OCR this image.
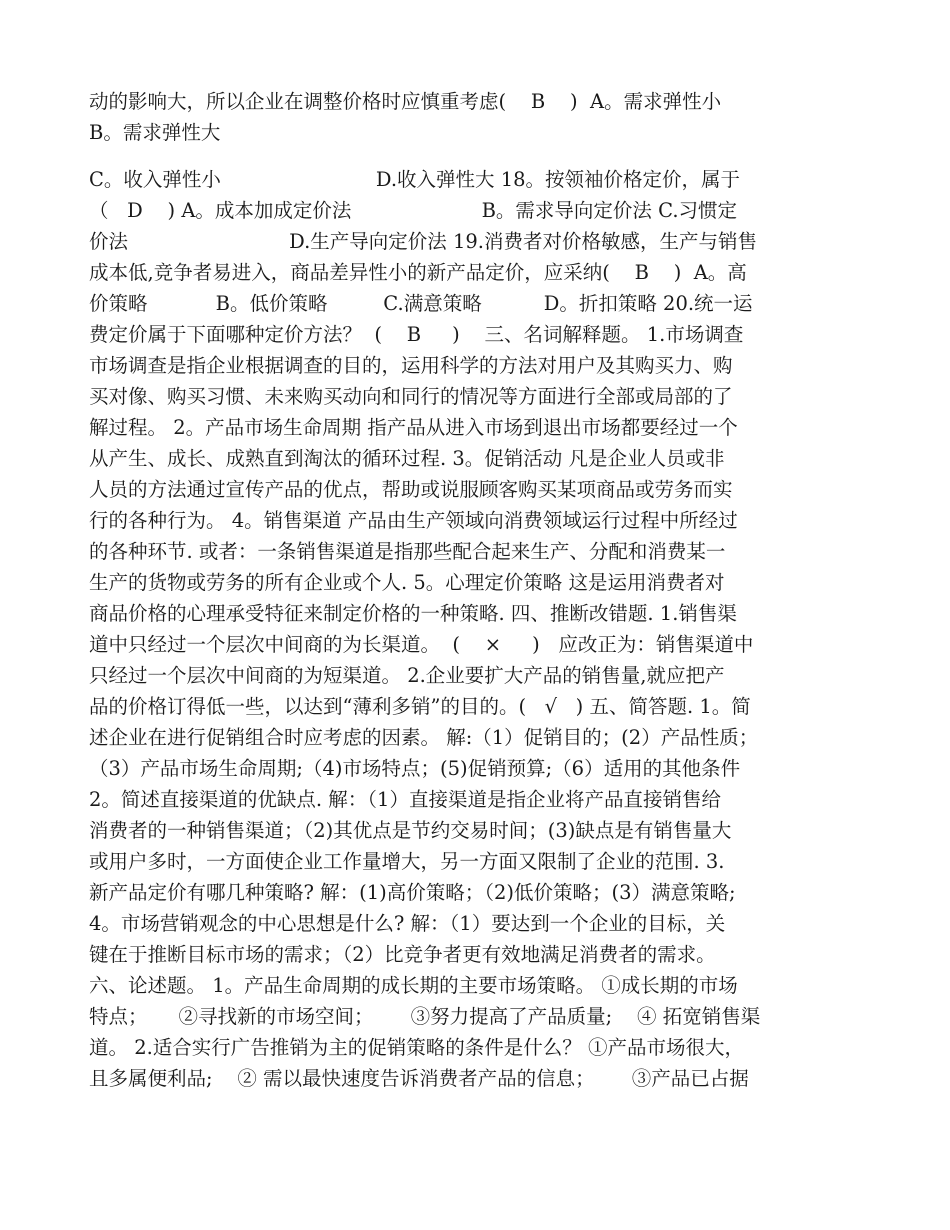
动的影响大，所以企业在调整价格时应慎重考虑(    B    )  A。需求弹性小
B。需求弹性大
C。收入弹性小                         D.收入弹性大 18。按领袖价格定价，属于
（   D    ) A。成本加成定价法                     B。需求导向定价法 C.习惯定
价法                          D.生产导向定价法 19.消费者对价格敏感，生产与销售
成本低,竞争者易进入，商品差异性小的新产品定价，应采纳(    B    )  A。高
价策略           B。低价策略         C.满意策略          D。折扣策略 20.统一运
费定价属于下面哪种定价方法？  (    B     )    三、名词解释题。 1.市场调查
市场调查是指企业根据调查的目的，运用科学的方法对用户及其购买力、购
买对像、购买习惯、未来购买动向和同行的情况等方面进行全部或局部的了
解过程。 2。产品市场生命周期 指产品从进入市场到退出市场都要经过一个
从产生、成长、成熟直到淘汰的循环过程. 3。促销活动 凡是企业人员或非
人员的方法通过宣传产品的优点，帮助或说服顾客购买某项商品或劳务而实
行的各种行为。 4。销售渠道 产品由生产领域向消费领域运行过程中所经过
的各种环节. 或者：一条销售渠道是指那些配合起来生产、分配和消费某一
生产的货物或劳务的所有企业或个人. 5。心理定价策略 这是运用消费者对
商品价格的心理承受特征来制定价格的一种策略. 四、推断改错题. 1.销售渠
道中只经过一个层次中间商的为长渠道。  (    ×     )   应改正为：销售渠道中
只经过一个层次中间商的为短渠道。 2.企业要扩大产品的销售量,就应把产
品的价格订得低一些，以达到“薄利多销”的目的。(   √   ) 五、简答题. 1。简
述企业在进行促销组合时应考虑的因素。 解:（1）促销目的；(2）产品性质；
（3）产品市场生命周期;（4)市场特点；(5)促销预算;（6）适用的其他条件
2。简述直接渠道的优缺点. 解：（1）直接渠道是指企业将产品直接销售给
消费者的一种销售渠道；（2)其优点是节约交易时间；(3)缺点是有销售量大
或用户多时，一方面使企业工作量增大，另一方面又限制了企业的范围. 3.
新产品定价有哪几种策略? 解：(1)高价策略；（2)低价策略；(3）满意策略;
4。市场营销观念的中心思想是什么? 解：（1）要达到一个企业的目标，关
键在于推断目标市场的需求；（2）比竞争者更有效地满足消费者的需求。
六、论述题。 1。产品生命周期的成长期的主要市场策略。 ①成长期的市场
特点；     ②寻找新的市场空间；      ③努力提高了产品质量;    ④ 拓宽销售渠
道。 2.适合实行广告推销为主的促销策略的条件是什么？ ①产品市场很大，
且多属便利品;    ② 需以最快速度告诉消费者产品的信息；      ③产品已占据
